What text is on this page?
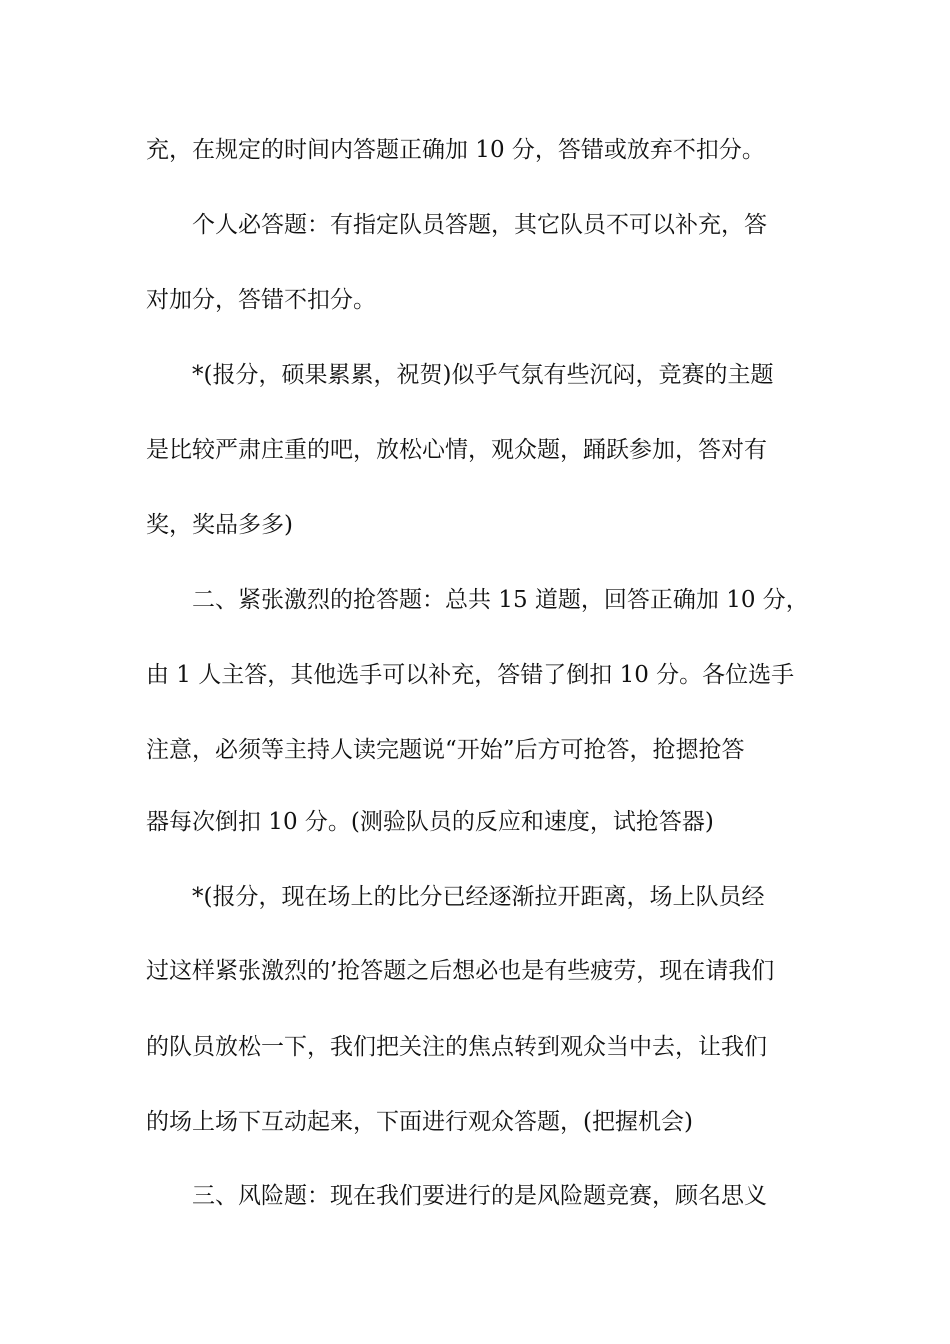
充，在规定的时间内答题正确加 10 分，答错或放弃不扣分。
个人必答题：有指定队员答题，其它队员不可以补充，答
对加分，答错不扣分。
*(报分，硕果累累，祝贺)似乎气氛有些沉闷，竞赛的主题
是比较严肃庄重的吧，放松心情，观众题，踊跃参加，答对有
奖，奖品多多)
二、紧张激烈的抢答题：总共 15 道题，回答正确加 10 分，
由 1 人主答，其他选手可以补充，答错了倒扣 10 分。各位选手
注意，必须等主持人读完题说“开始”后方可抢答，抢摁抢答
器每次倒扣 10 分。(测验队员的反应和速度，试抢答器)
*(报分，现在场上的比分已经逐渐拉开距离，场上队员经
过这样紧张激烈的’抢答题之后想必也是有些疲劳，现在请我们
的队员放松一下，我们把关注的焦点转到观众当中去，让我们
的场上场下互动起来，下面进行观众答题，(把握机会)
三、风险题：现在我们要进行的是风险题竞赛，顾名思义
